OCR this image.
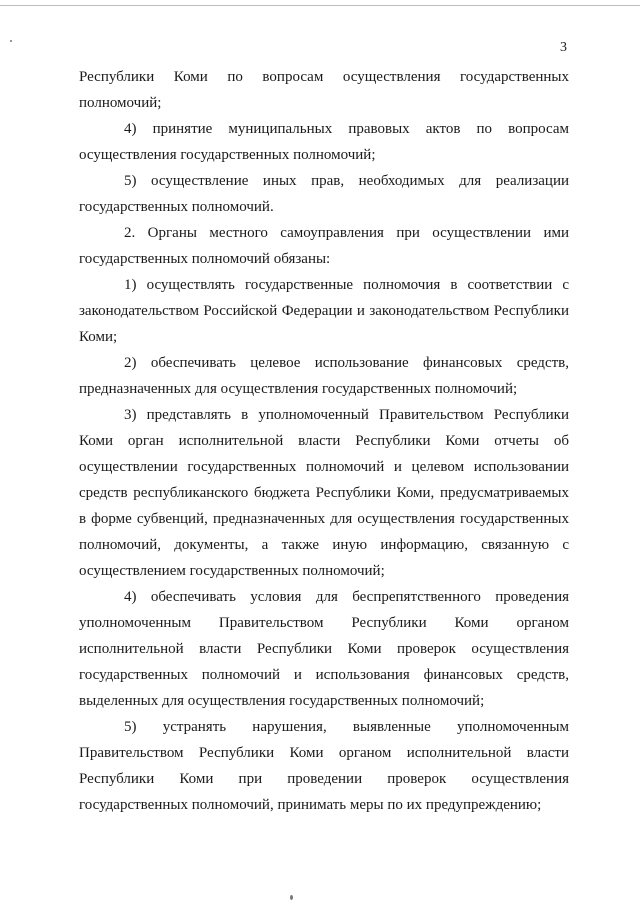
3

Республики Коми по вопросам осуществления государственных полномочий;

4) принятие муниципальных правовых актов по вопросам осуществления государственных полномочий;

5) осуществление иных прав, необходимых для реализации государственных полномочий.

2. Органы местного самоуправления при осуществлении ими государственных полномочий обязаны:

1) осуществлять государственные полномочия в соответствии с законодательством Российской Федерации и законодательством Республики Коми;

2) обеспечивать целевое использование финансовых средств, предназначенных для осуществления государственных полномочий;

3) представлять в уполномоченный Правительством Республики Коми орган исполнительной власти Республики Коми отчеты об осуществлении государственных полномочий и целевом использовании средств республиканского бюджета Республики Коми, предусматриваемых в форме субвенций, предназначенных для осуществления государственных полномочий, документы, а также иную информацию, связанную с осуществлением государственных полномочий;

4) обеспечивать условия для беспрепятственного проведения уполномоченным Правительством Республики Коми органом исполнительной власти Республики Коми проверок осуществления государственных полномочий и использования финансовых средств, выделенных для осуществления государственных полномочий;

5) устранять нарушения, выявленные уполномоченным Правительством Республики Коми органом исполнительной власти Республики Коми при проведении проверок осуществления государственных полномочий, принимать меры по их предупреждению;
